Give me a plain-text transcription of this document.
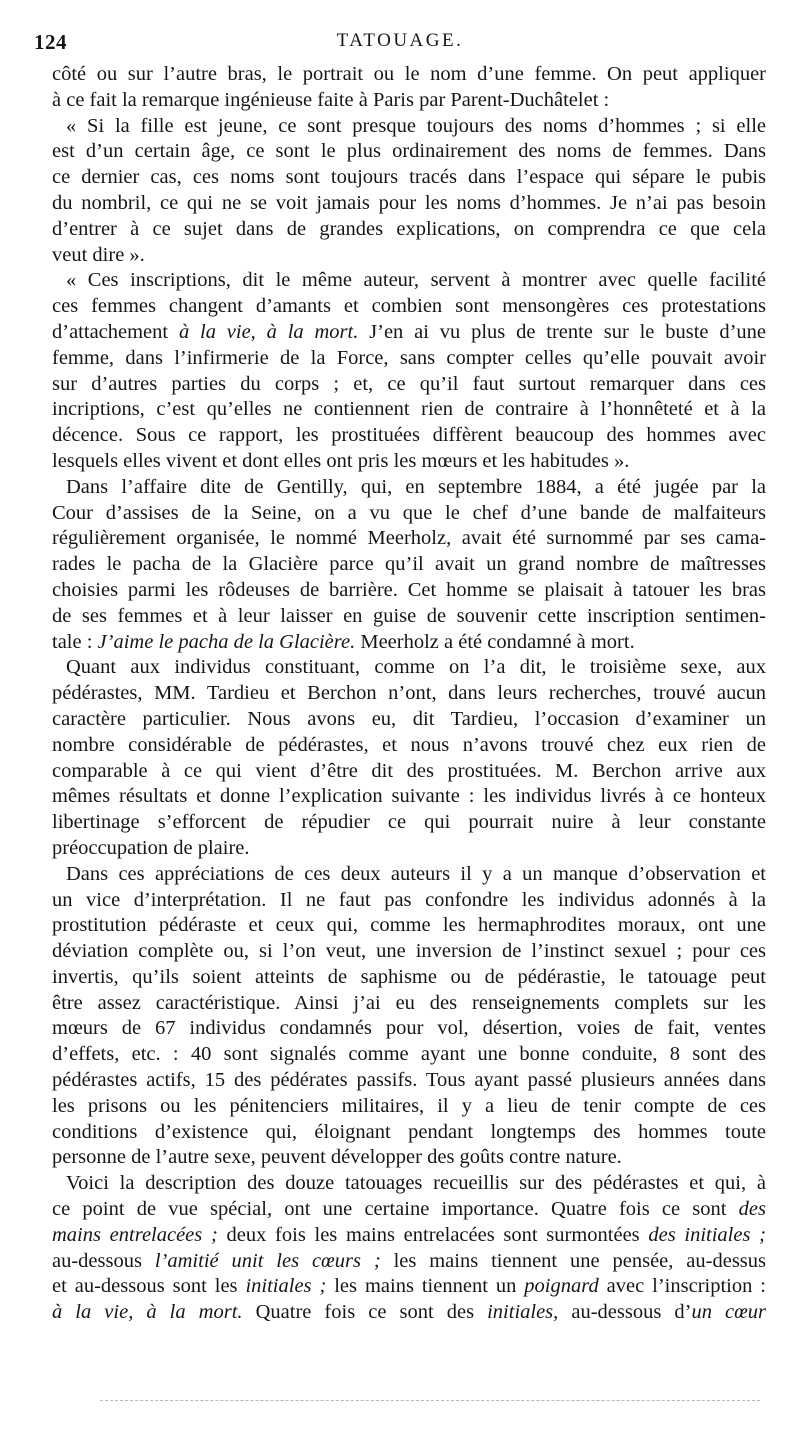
124	TATOUAGE.
côté ou sur l’autre bras, le portrait ou le nom d’une femme. On peut appliquer
à ce fait la remarque ingénieuse faite à Paris par Parent-Duchâtelet :
« Si la fille est jeune, ce sont presque toujours des noms d’hommes ; si elle
est d’un certain âge, ce sont le plus ordinairement des noms de femmes. Dans
ce dernier cas, ces noms sont toujours tracés dans l’espace qui sépare le pubis
du nombril, ce qui ne se voit jamais pour les noms d’hommes. Je n’ai pas besoin
d’entrer à ce sujet dans de grandes explications, on comprendra ce que cela
veut dire ».
« Ces inscriptions, dit le même auteur, servent à montrer avec quelle facilité
ces femmes changent d’amants et combien sont mensongères ces protestations
d’attachement à la vie, à la mort. J’en ai vu plus de trente sur le buste d’une
femme, dans l’infirmerie de la Force, sans compter celles qu’elle pouvait avoir
sur d’autres parties du corps ; et, ce qu’il faut surtout remarquer dans ces
incriptions, c’est qu’elles ne contiennent rien de contraire à l’honnêteté et à la
décence. Sous ce rapport, les prostituées diffèrent beaucoup des hommes avec
lesquels elles vivent et dont elles ont pris les mœurs et les habitudes ».
Dans l’affaire dite de Gentilly, qui, en septembre 1884, a été jugée par la
Cour d’assises de la Seine, on a vu que le chef d’une bande de malfaiteurs
régulièrement organisée, le nommé Meerholz, avait été surnommé par ses cama-
rades le pacha de la Glacière parce qu’il avait un grand nombre de maîtresses
choisies parmi les rôdeuses de barrière. Cet homme se plaisait à tatouer les bras
de ses femmes et à leur laisser en guise de souvenir cette inscription sentimen-
tale : J’aime le pacha de la Glacière. Meerholz a été condamné à mort.
Quant aux individus constituant, comme on l’a dit, le troisième sexe, aux
pédérastes, MM. Tardieu et Berchon n’ont, dans leurs recherches, trouvé aucun
caractère particulier. Nous avons eu, dit Tardieu, l’occasion d’examiner un
nombre considérable de pédérastes, et nous n’avons trouvé chez eux rien de
comparable à ce qui vient d’être dit des prostituées. M. Berchon arrive aux
mêmes résultats et donne l’explication suivante : les individus livrés à ce honteux
libertinage s’efforcent de répudier ce qui pourrait nuire à leur constante
préoccupation de plaire.
Dans ces appréciations de ces deux auteurs il y a un manque d’observation et
un vice d’interprétation. Il ne faut pas confondre les individus adonnés à la
prostitution pédéraste et ceux qui, comme les hermaphrodites moraux, ont une
déviation complète ou, si l’on veut, une inversion de l’instinct sexuel ; pour ces
invertis, qu’ils soient atteints de saphisme ou de pédérastie, le tatouage peut
être assez caractéristique. Ainsi j’ai eu des renseignements complets sur les
mœurs de 67 individus condamnés pour vol, désertion, voies de fait, ventes
d’effets, etc. : 40 sont signalés comme ayant une bonne conduite, 8 sont des
pédérastes actifs, 15 des pédérates passifs. Tous ayant passé plusieurs années dans
les prisons ou les pénitenciers militaires, il y a lieu de tenir compte de ces
conditions d’existence qui, éloignant pendant longtemps des hommes toute
personne de l’autre sexe, peuvent développer des goûts contre nature.
Voici la description des douze tatouages recueillis sur des pédérastes et qui, à
ce point de vue spécial, ont une certaine importance. Quatre fois ce sont des
mains entrelacées ; deux fois les mains entrelacées sont surmontées des initiales ;
au-dessous l’amitié unit les cœurs ; les mains tiennent une pensée, au-dessus
et au-dessous sont les initiales ; les mains tiennent un poignard avec l’inscription :
à la vie, à la mort. Quatre fois ce sont des initiales, au-dessous d’un cœur
